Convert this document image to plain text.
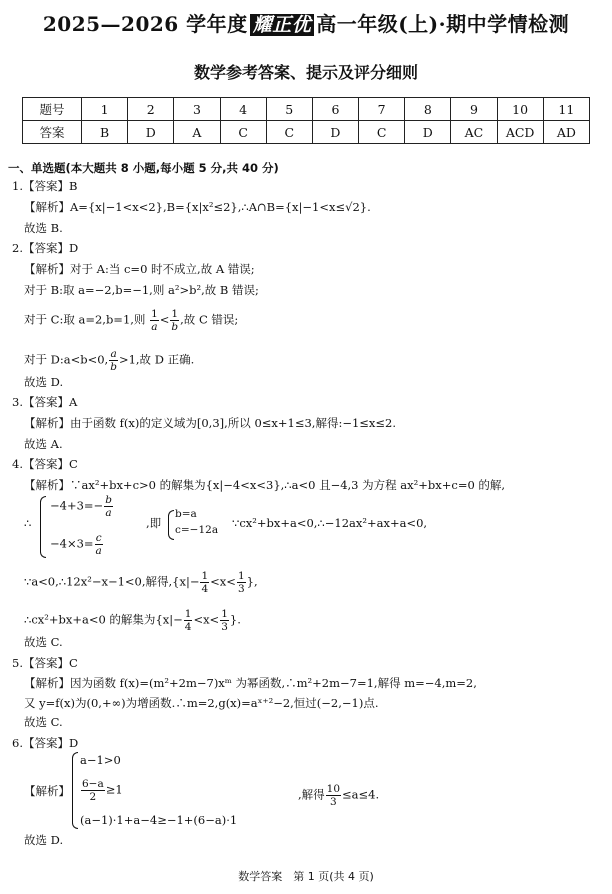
2025—2026 学年度 耀正优 高一年级(上)·期中学情检测
数学参考答案、提示及评分细则
题号	1	2	3	4	5	6	7	8	9	10	11
答案	B	D	A	C	C	D	C	D	AC	ACD	AD
一、单选题(本大题共 8 小题,每小题 5 分,共 40 分)
1.【答案】B
【解析】A={x|−1<x<2},B={x|x²≤2},∴A∩B={x|−1<x≤√2}.
故选 B.
2.【答案】D
【解析】对于 A:当 c=0 时不成立,故 A 错误;
对于 B:取 a=−2,b=−1,则 a²>b²,故 B 错误;
对于 C:取 a=2,b=1,则 $\frac{1}{a} < \frac{1}{b}$ ,故 C 错误;
对于 D:a<b<0, $\frac{a}{b} >1$,故 D 正确.
故选 D.
3.【答案】A
【解析】由于函数 f(x)的定义域为[0,3],所以 0≤x+1≤3,解得:−1≤x≤2.
故选 A.
4.【答案】C
【解析】∵ax²+bx+c>0 的解集为{x|−4<x<3},∴a<0 且−4,3 为方程 ax²+bx+c=0 的解,
∴
$-4+3=- \frac{b}{a}$
$-4\times 3= \frac{c}{a}$
,即
b=a
c=−12a ∵cx²+bx+a<0,∴−12ax²+ax+a<0,
∵a<0,∴12x²−x−1<0,解得$,\{x|- \frac{1}{4} <x< \frac{1}{3}$ },
∴cx²+bx+a<0 的解集为{$x|- \frac{1}{4} <x< \frac{1}{3}$ }.
故选 C.
5.【答案】C
【解析】因为函数 f(x)=(m²+2m−7)xᵐ 为幂函数,∴m²+2m−7=1,解得 m=−4,m=2,
又 y=f(x)为(0,+∞)为增函数.∴m=2,g(x)=aˣ⁺²−2,恒过(−2,−1)点.
故选 C.
6.【答案】D
【解析】
a−1>0
$\frac{6-a}{2} \ge 1$
(a−1)·1+a−4≥−1+(6−a)·1
,解得 $\frac{10}{3} \le a\le 4$.
故选 D.
数学答案　第 1 页(共 4 页)
